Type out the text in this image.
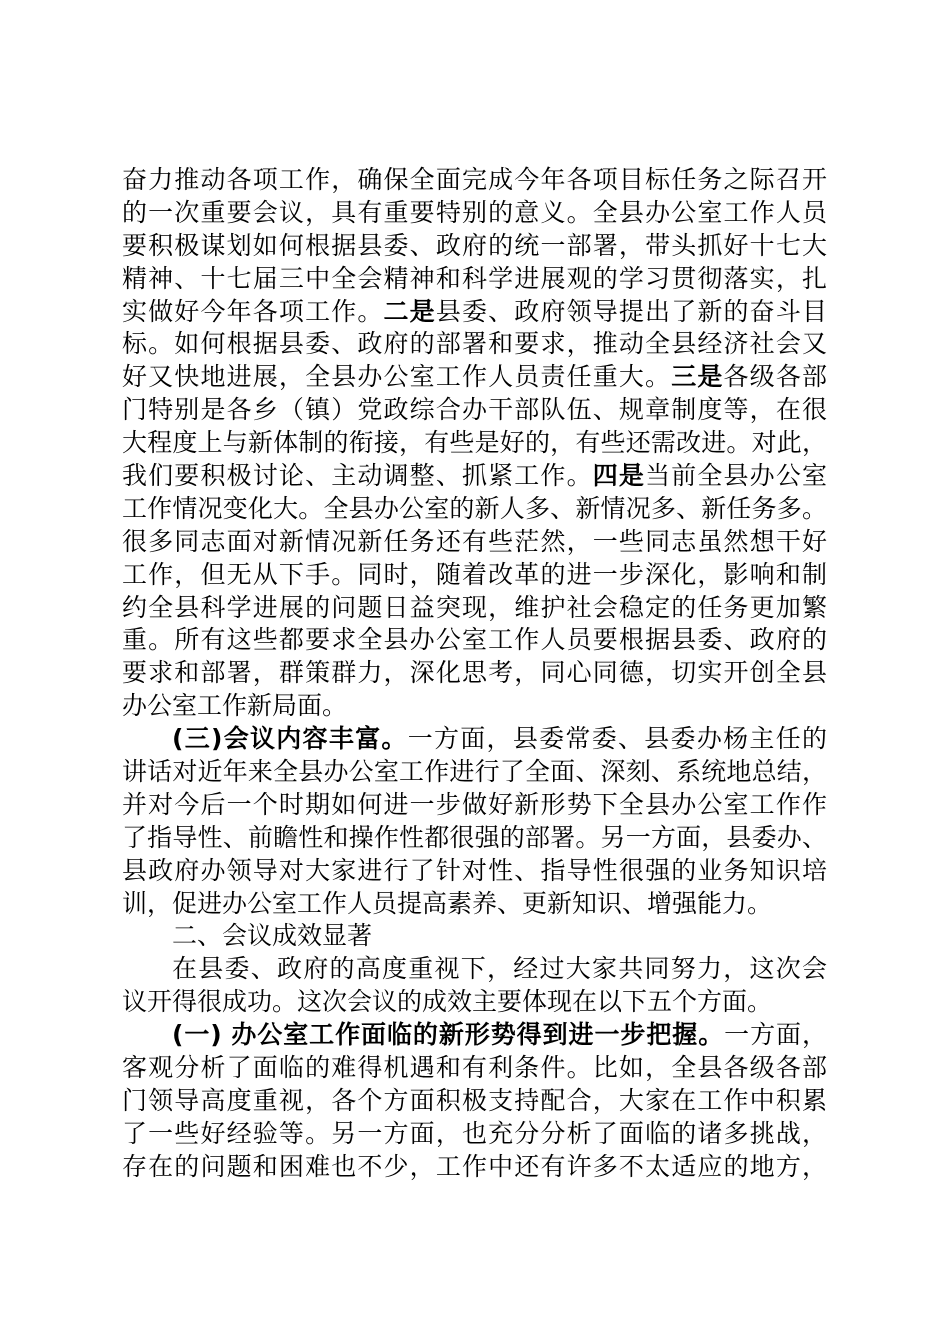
奋力推动各项工作，确保全面完成今年各项目标任务之际召开
的一次重要会议，具有重要特别的意义。全县办公室工作人员
要积极谋划如何根据县委、政府的统一部署，带头抓好十七大
精神、十七届三中全会精神和科学进展观的学习贯彻落实，扎
实做好今年各项工作。二是县委、政府领导提出了新的奋斗目
标。如何根据县委、政府的部署和要求，推动全县经济社会又
好又快地进展，全县办公室工作人员责任重大。三是各级各部
门特别是各乡（镇）党政综合办干部队伍、规章制度等，在很
大程度上与新体制的衔接，有些是好的，有些还需改进。对此，
我们要积极讨论、主动调整、抓紧工作。四是当前全县办公室
工作情况变化大。全县办公室的新人多、新情况多、新任务多。
很多同志面对新情况新任务还有些茫然，一些同志虽然想干好
工作，但无从下手。同时，随着改革的进一步深化，影响和制
约全县科学进展的问题日益突现，维护社会稳定的任务更加繁
重。所有这些都要求全县办公室工作人员要根据县委、政府的
要求和部署，群策群力，深化思考，同心同德，切实开创全县
办公室工作新局面。
(三)会议内容丰富。一方面，县委常委、县委办杨主任的
讲话对近年来全县办公室工作进行了全面、深刻、系统地总结，
并对今后一个时期如何进一步做好新形势下全县办公室工作作
了指导性、前瞻性和操作性都很强的部署。另一方面，县委办、
县政府办领导对大家进行了针对性、指导性很强的业务知识培
训，促进办公室工作人员提高素养、更新知识、增强能力。
二、会议成效显著
在县委、政府的高度重视下，经过大家共同努力，这次会
议开得很成功。这次会议的成效主要体现在以下五个方面。
(一) 办公室工作面临的新形势得到进一步把握。一方面，
客观分析了面临的难得机遇和有利条件。比如，全县各级各部
门领导高度重视，各个方面积极支持配合，大家在工作中积累
了一些好经验等。另一方面，也充分分析了面临的诸多挑战，
存在的问题和困难也不少，工作中还有许多不太适应的地方，
